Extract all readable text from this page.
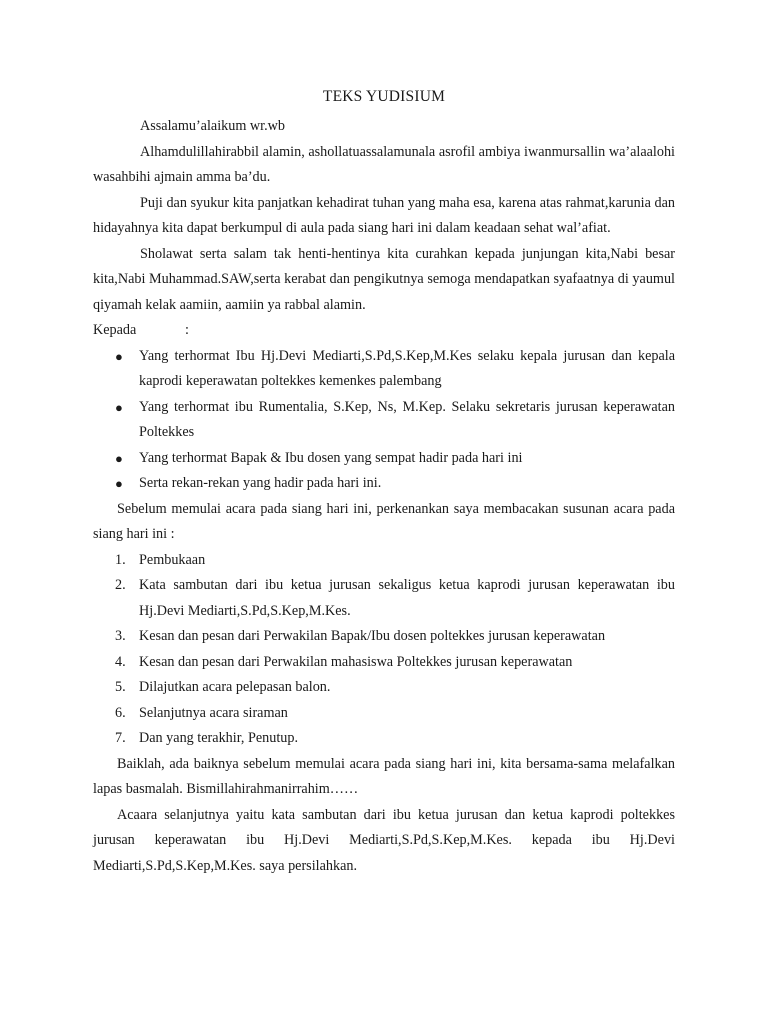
TEKS YUDISIUM

Assalamu’alaikum wr.wb

Alhamdulillahirabbil alamin, ashollatuassalamunala asrofil ambiya iwanmursallin wa’alaalohi wasahbihi ajmain amma ba’du.

Puji dan syukur kita panjatkan kehadirat tuhan yang maha esa, karena atas rahmat,karunia dan hidayahnya kita dapat berkumpul di aula pada siang hari ini dalam keadaan sehat wal’afiat.

Sholawat serta salam tak henti-hentinya kita curahkan kepada junjungan kita,Nabi besar kita,Nabi Muhammad.SAW,serta kerabat dan pengikutnya semoga mendapatkan syafaatnya di yaumul qiyamah kelak aamiin, aamiin ya rabbal alamin.

Kepada	:

● Yang terhormat Ibu Hj.Devi Mediarti,S.Pd,S.Kep,M.Kes selaku kepala jurusan dan kepala kaprodi keperawatan poltekkes kemenkes palembang
● Yang terhormat ibu Rumentalia, S.Kep, Ns, M.Kep. Selaku sekretaris jurusan keperawatan Poltekkes
● Yang terhormat Bapak & Ibu dosen yang sempat hadir pada hari ini
● Serta rekan-rekan yang hadir pada hari ini.

Sebelum memulai acara pada siang hari ini, perkenankan saya membacakan susunan acara pada siang hari ini :

1. Pembukaan
2. Kata sambutan dari ibu ketua jurusan sekaligus ketua kaprodi jurusan keperawatan ibu Hj.Devi Mediarti,S.Pd,S.Kep,M.Kes.
3. Kesan dan pesan dari Perwakilan Bapak/Ibu dosen poltekkes jurusan keperawatan
4. Kesan dan pesan dari Perwakilan mahasiswa Poltekkes jurusan keperawatan
5. Dilajutkan acara pelepasan balon.
6. Selanjutnya acara siraman
7. Dan yang terakhir, Penutup.

Baiklah, ada baiknya sebelum memulai acara pada siang hari ini, kita bersama-sama melafalkan lapas basmalah. Bismillahirahmanirrahim……

Acaara selanjutnya yaitu kata sambutan dari ibu ketua jurusan dan ketua kaprodi poltekkes jurusan keperawatan ibu Hj.Devi Mediarti,S.Pd,S.Kep,M.Kes. kepada ibu Hj.Devi Mediarti,S.Pd,S.Kep,M.Kes. saya persilahkan.
